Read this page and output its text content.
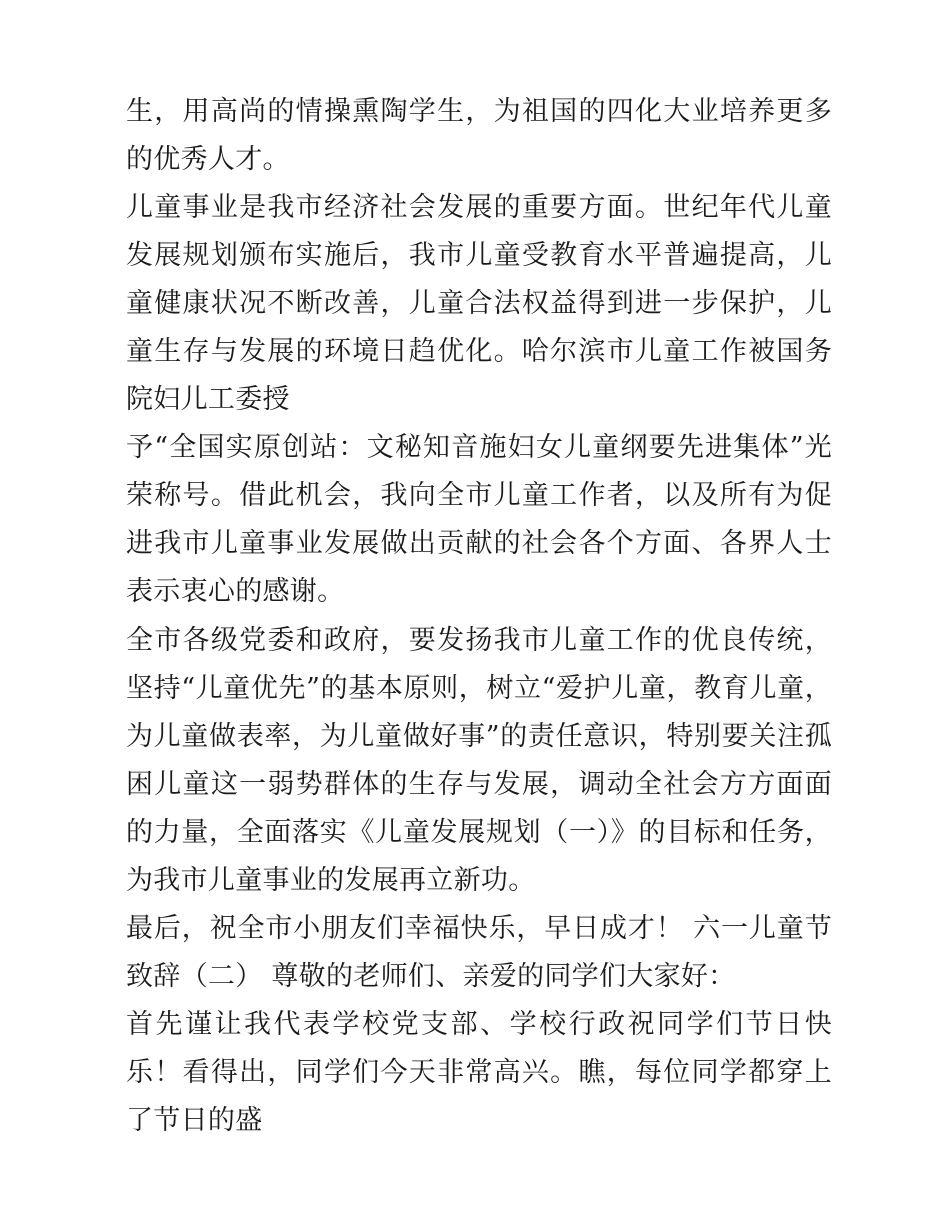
生，用高尚的情操熏陶学生，为祖国的四化大业培养更多的优秀人才。

儿童事业是我市经济社会发展的重要方面。世纪年代儿童发展规划颁布实施后，我市儿童受教育水平普遍提高，儿童健康状况不断改善，儿童合法权益得到进一步保护，儿童生存与发展的环境日趋优化。哈尔滨市儿童工作被国务院妇儿工委授

予“全国实原创站：文秘知音施妇女儿童纲要先进集体”光荣称号。借此机会，我向全市儿童工作者，以及所有为促进我市儿童事业发展做出贡献的社会各个方面、各界人士表示衷心的感谢。

全市各级党委和政府，要发扬我市儿童工作的优良传统，坚持“儿童优先”的基本原则，树立“爱护儿童，教育儿童，为儿童做表率，为儿童做好事”的责任意识，特别要关注孤困儿童这一弱势群体的生存与发展，调动全社会方方面面的力量，全面落实《儿童发展规划（一）》的目标和任务，为我市儿童事业的发展再立新功。

最后，祝全市小朋友们幸福快乐，早日成才！ 六一儿童节致辞（二） 尊敬的老师们、亲爱的同学们大家好：

首先谨让我代表学校党支部、学校行政祝同学们节日快乐！看得出，同学们今天非常高兴。瞧，每位同学都穿上了节日的盛
